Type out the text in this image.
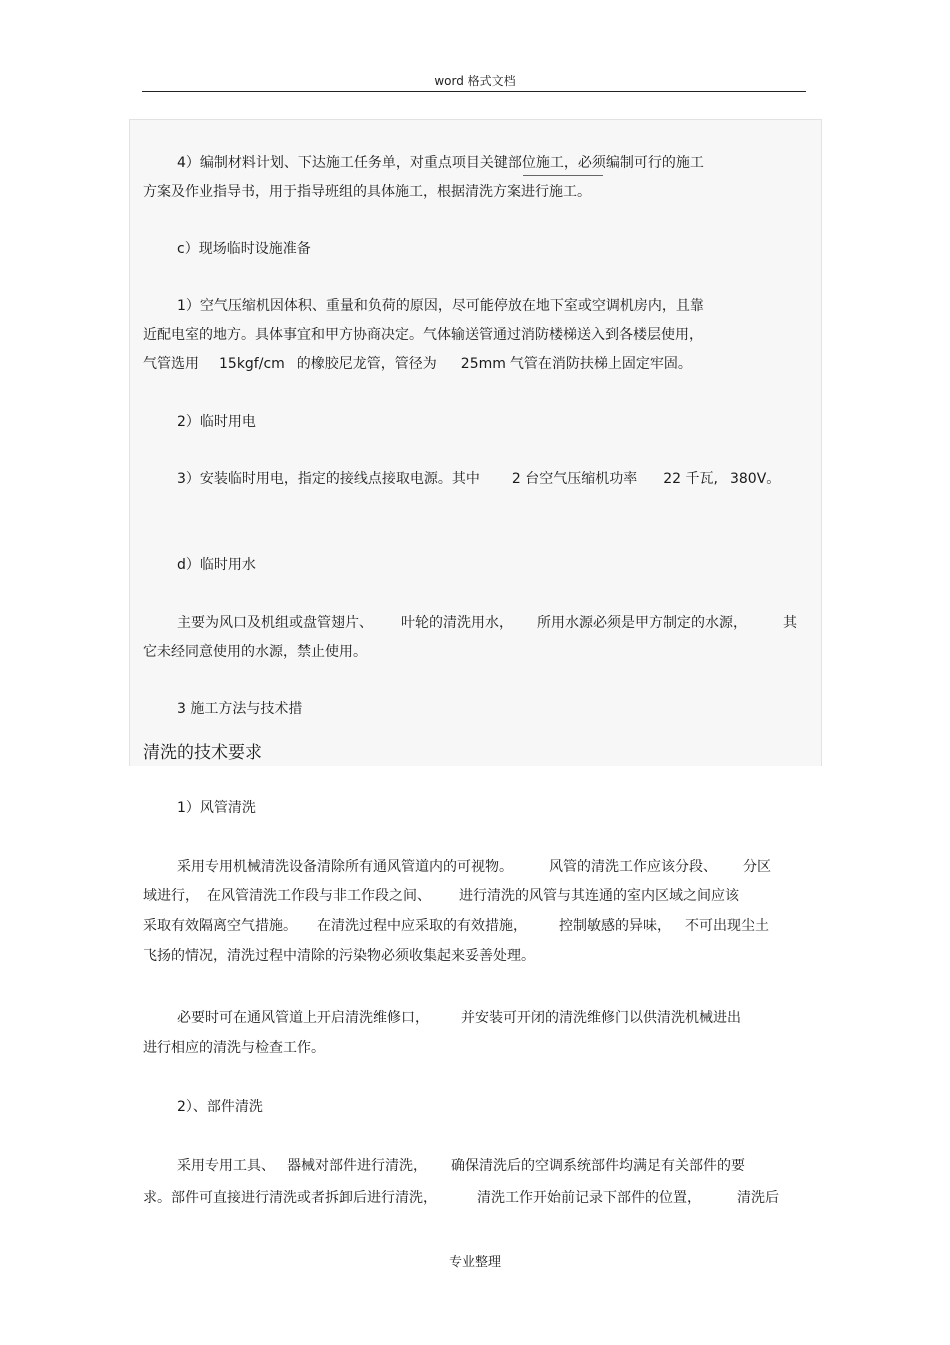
word 格式文档
4）编制材料计划、下达施工任务单，对重点项目关键部位施工，必须编制可行的施工
方案及作业指导书，用于指导班组的具体施工，根据清洗方案进行施工。
c）现场临时设施准备
1）空气压缩机因体积、重量和负荷的原因，尽可能停放在地下室或空调机房内，且靠
近配电室的地方。具体事宜和甲方协商决定。气体输送管通过消防楼梯送入到各楼层使用，
气管选用 15kgf/cm 的橡胶尼龙管，管径为 25mm 气管在消防扶梯上固定牢固。
2）临时用电
3）安装临时用电，指定的接线点接取电源。其中 2 台空气压缩机功率 22 千瓦, 380V。
d）临时用水
主要为风口及机组或盘管翅片、 叶轮的清洗用水， 所用水源必须是甲方制定的水源，	其
它未经同意使用的水源，禁止使用。
3 施工方法与技术措
清洗的技术要求
1）风管清洗
采用专用机械清洗设备清除所有通风管道内的可视物。	风管的清洗工作应该分段、 分区
域进行， 在风管清洗工作段与非工作段之间、 进行清洗的风管与其连通的室内区域之间应该
采取有效隔离空气措施。 在清洗过程中应采取的有效措施， 控制敏感的异味， 不可出现尘土
飞扬的情况，清洗过程中清除的污染物必须收集起来妥善处理。
必要时可在通风管道上开启清洗维修口， 并安装可开闭的清洗维修门以供清洗机械进出
进行相应的清洗与检查工作。
2）、部件清洗
采用专用工具、 器械对部件进行清洗， 确保清洗后的空调系统部件均满足有关部件的要
求。部件可直接进行清洗或者拆卸后进行清洗，	清洗工作开始前记录下部件的位置，	清洗后
专业整理
